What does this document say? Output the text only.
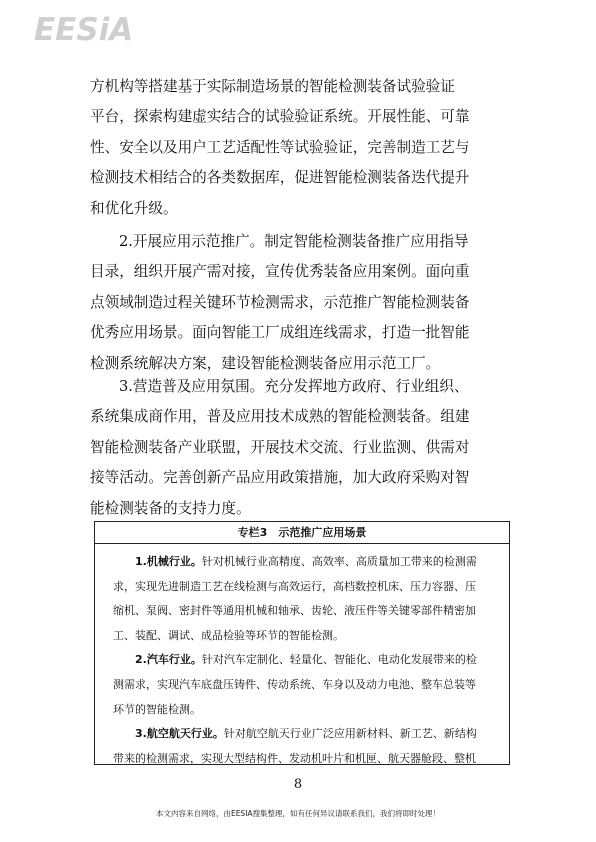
EESiA
方机构等搭建基于实际制造场景的智能检测装备试验验证
平台，探索构建虚实结合的试验验证系统。开展性能、可靠
性、安全以及用户工艺适配性等试验验证，完善制造工艺与
检测技术相结合的各类数据库，促进智能检测装备迭代提升
和优化升级。
2.开展应用示范推广。制定智能检测装备推广应用指导
目录，组织开展产需对接，宣传优秀装备应用案例。面向重
点领域制造过程关键环节检测需求，示范推广智能检测装备
优秀应用场景。面向智能工厂成组连线需求，打造一批智能
检测系统解决方案，建设智能检测装备应用示范工厂。
3.营造普及应用氛围。充分发挥地方政府、行业组织、
系统集成商作用，普及应用技术成熟的智能检测装备。组建
智能检测装备产业联盟，开展技术交流、行业监测、供需对
接等活动。完善创新产品应用政策措施，加大政府采购对智
能检测装备的支持力度。
专栏3　示范推广应用场景

1.机械行业。针对机械行业高精度、高效率、高质量加工带来的检测需
求，实现先进制造工艺在线检测与高效运行，高档数控机床、压力容器、压
缩机、泵阀、密封件等通用机械和轴承、齿轮、液压件等关键零部件精密加
工、装配、调试、成品检验等环节的智能检测。

2.汽车行业。针对汽车定制化、轻量化、智能化、电动化发展带来的检
测需求，实现汽车底盘压铸件、传动系统、车身以及动力电池、整车总装等
环节的智能检测。

3.航空航天行业。针对航空航天行业广泛应用新材料、新工艺、新结构
带来的检测需求，实现大型结构件、发动机叶片和机匣、航天器舱段、整机

8
本文内容来自网络，由EESIA搜集整理，如有任何异议请联系我们，我们将即时处理！
